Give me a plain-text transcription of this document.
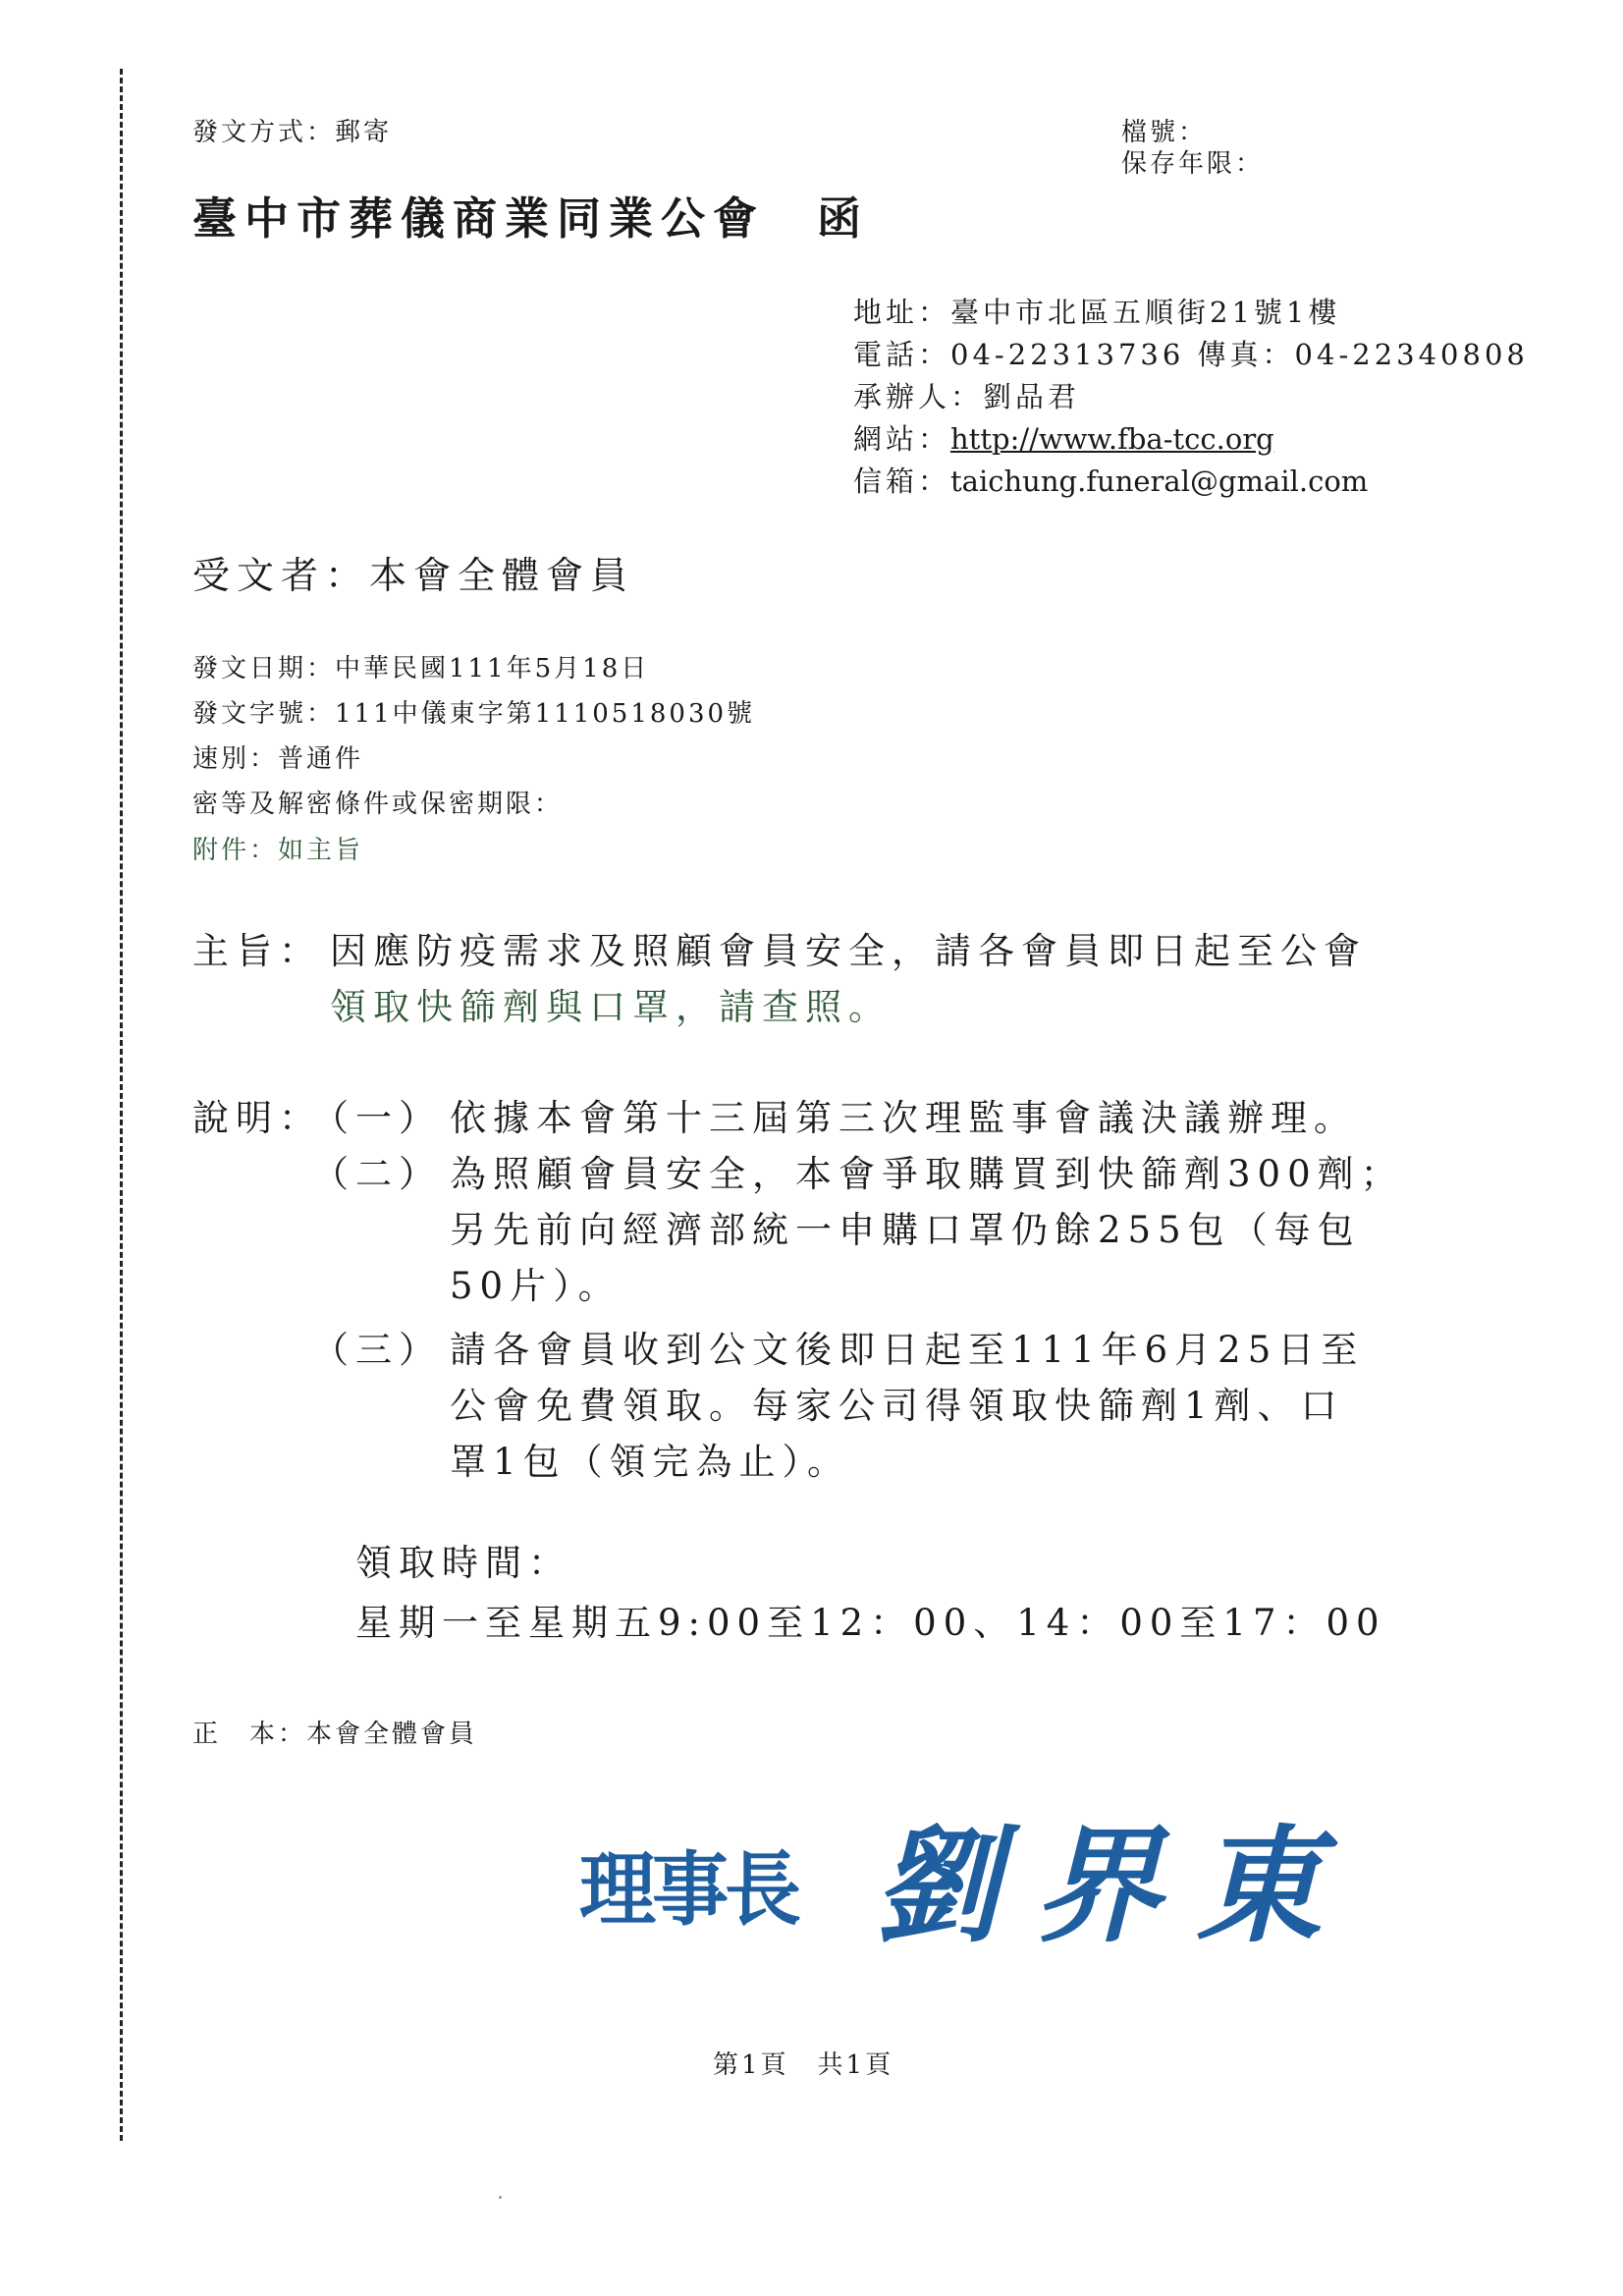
發文方式：郵寄	檔號：
保存年限：
臺中市葬儀商業同業公會　函
地址：臺中市北區五順街21號1樓
電話：04-22313736 傳真：04-22340808
承辦人：劉品君
網站：http://www.fba-tcc.org
信箱：taichung.funeral@gmail.com
受文者：本會全體會員
發文日期：中華民國111年5月18日
發文字號：111中儀東字第1110518030號
速別：普通件
密等及解密條件或保密期限：
附件：如主旨
主旨： 因應防疫需求及照顧會員安全，請各會員即日起至公會
領取快篩劑與口罩，請查照。
說明：
（一） 依據本會第十三屆第三次理監事會議決議辦理。
（二） 為照顧會員安全，本會爭取購買到快篩劑300劑；
另先前向經濟部統一申購口罩仍餘255包（每包
50片）。
（三） 請各會員收到公文後即日起至111年6月25日至
公會免費領取。每家公司得領取快篩劑1劑、口
罩1包（領完為止）。
領取時間：
星期一至星期五9:00至12：00、14：00至17：00
正　本：本會全體會員
理事長 劉界東
第1頁　共1頁
